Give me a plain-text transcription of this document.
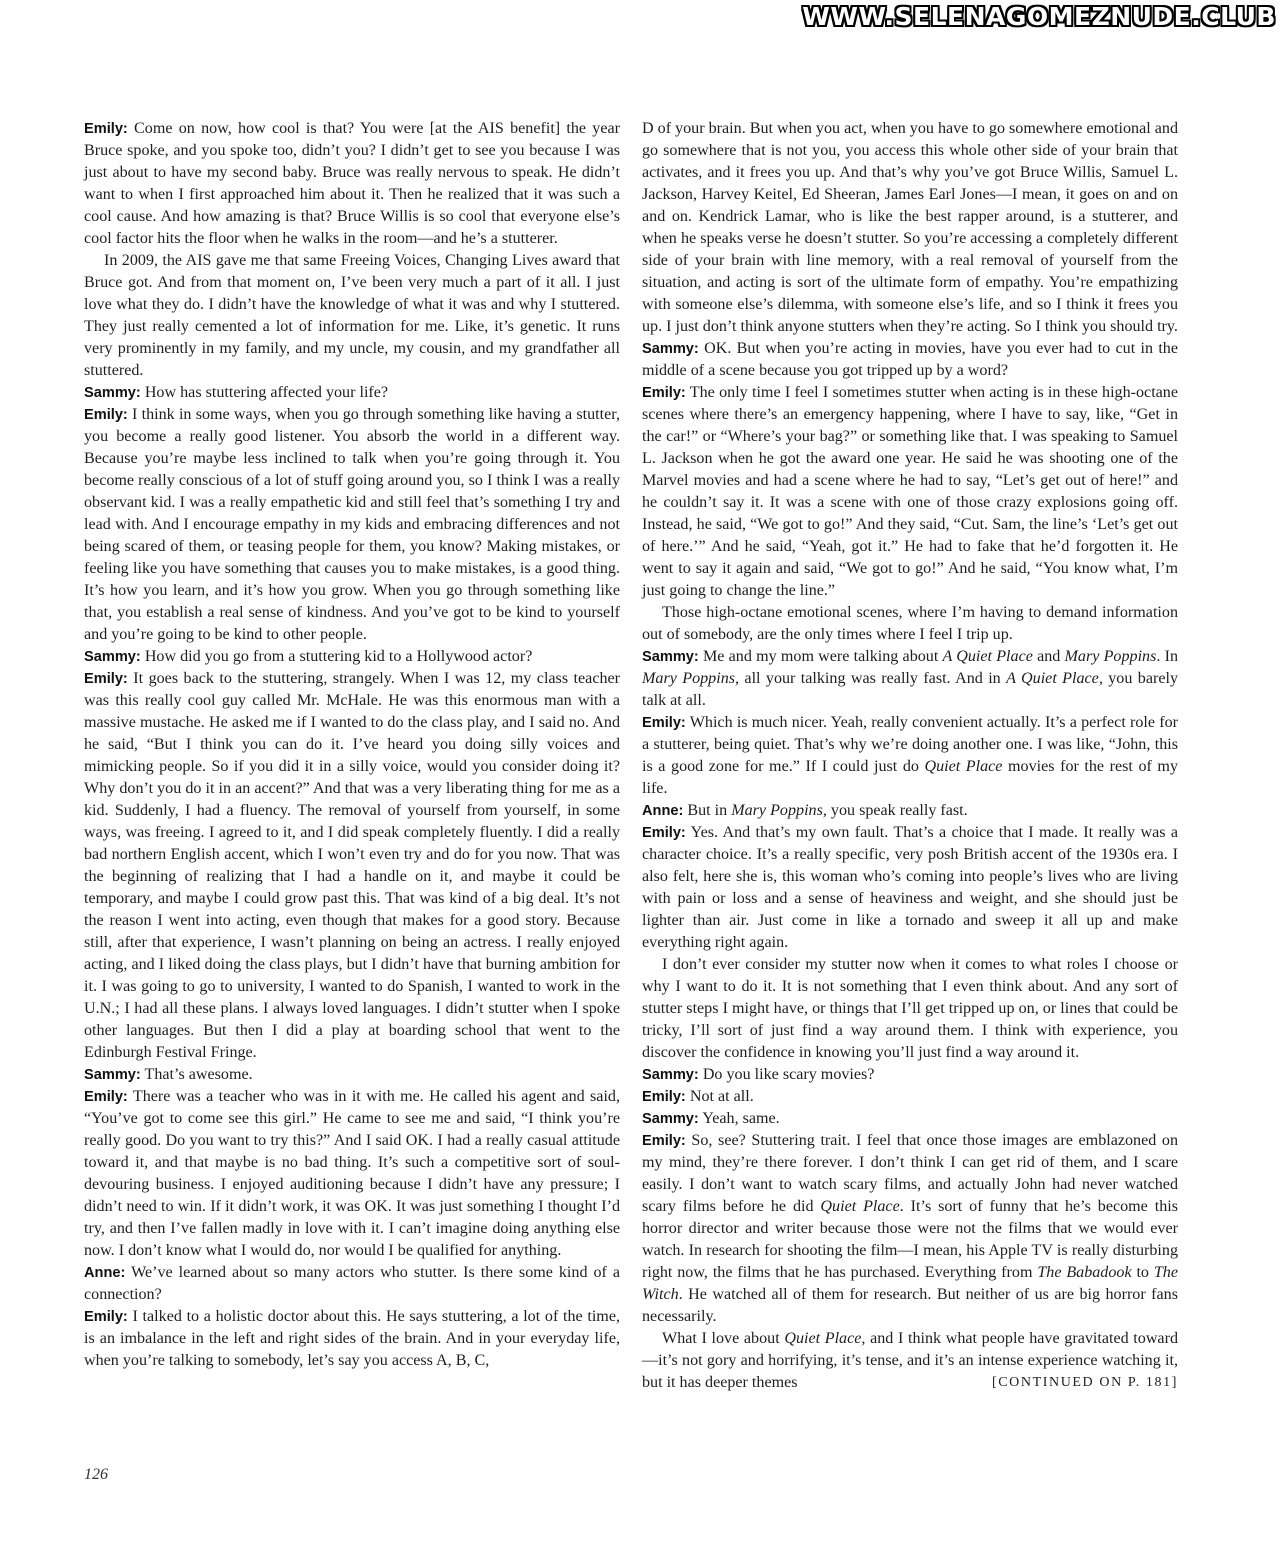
WWW.SELENAGOMEZNUDE.CLUB

Emily: Come on now, how cool is that? You were [at the AIS benefit] the year Bruce spoke, and you spoke too, didn’t you? I didn’t get to see you because I was just about to have my second baby. Bruce was really nervous to speak. He didn’t want to when I first approached him about it. Then he realized that it was such a cool cause. And how amazing is that? Bruce Willis is so cool that everyone else’s cool factor hits the floor when he walks in the room—and he’s a stutterer.

In 2009, the AIS gave me that same Freeing Voices, Changing Lives award that Bruce got. And from that moment on, I’ve been very much a part of it all. I just love what they do. I didn’t have the knowledge of what it was and why I stuttered. They just really cemented a lot of information for me. Like, it’s genetic. It runs very prominently in my family, and my uncle, my cousin, and my grandfather all stuttered.

Sammy: How has stuttering affected your life?

Emily: I think in some ways, when you go through something like having a stutter, you become a really good listener. You absorb the world in a different way. Because you’re maybe less inclined to talk when you’re going through it. You become really conscious of a lot of stuff going around you, so I think I was a really observant kid. I was a really empathetic kid and still feel that’s something I try and lead with. And I encourage empathy in my kids and embracing differences and not being scared of them, or teasing people for them, you know? Making mistakes, or feeling like you have something that causes you to make mistakes, is a good thing. It’s how you learn, and it’s how you grow. When you go through something like that, you establish a real sense of kindness. And you’ve got to be kind to yourself and you’re going to be kind to other people.

Sammy: How did you go from a stuttering kid to a Hollywood actor?

Emily: It goes back to the stuttering, strangely. When I was 12, my class teacher was this really cool guy called Mr. McHale. He was this enormous man with a massive mustache. He asked me if I wanted to do the class play, and I said no. And he said, “But I think you can do it. I’ve heard you doing silly voices and mimicking people. So if you did it in a silly voice, would you consider doing it? Why don’t you do it in an accent?” And that was a very liberating thing for me as a kid. Suddenly, I had a fluency. The removal of yourself from yourself, in some ways, was freeing. I agreed to it, and I did speak completely fluently. I did a really bad northern English accent, which I won’t even try and do for you now. That was the beginning of realizing that I had a handle on it, and maybe it could be temporary, and maybe I could grow past this. That was kind of a big deal. It’s not the reason I went into acting, even though that makes for a good story. Because still, after that experience, I wasn’t planning on being an actress. I really enjoyed acting, and I liked doing the class plays, but I didn’t have that burning ambition for it. I was going to go to university, I wanted to do Spanish, I wanted to work in the U.N.; I had all these plans. I always loved languages. I didn’t stutter when I spoke other languages. But then I did a play at boarding school that went to the Edinburgh Festival Fringe.

Sammy: That’s awesome.

Emily: There was a teacher who was in it with me. He called his agent and said, “You’ve got to come see this girl.” He came to see me and said, “I think you’re really good. Do you want to try this?” And I said OK. I had a really casual attitude toward it, and that maybe is no bad thing. It’s such a competitive sort of soul-devouring business. I enjoyed auditioning because I didn’t have any pressure; I didn’t need to win. If it didn’t work, it was OK. It was just something I thought I’d try, and then I’ve fallen madly in love with it. I can’t imagine doing anything else now. I don’t know what I would do, nor would I be qualified for anything.

Anne: We’ve learned about so many actors who stutter. Is there some kind of a connection?

Emily: I talked to a holistic doctor about this. He says stuttering, a lot of the time, is an imbalance in the left and right sides of the brain. And in your everyday life, when you’re talking to somebody, let’s say you access A, B, C,

D of your brain. But when you act, when you have to go somewhere emotional and go somewhere that is not you, you access this whole other side of your brain that activates, and it frees you up. And that’s why you’ve got Bruce Willis, Samuel L. Jackson, Harvey Keitel, Ed Sheeran, James Earl Jones—I mean, it goes on and on and on. Kendrick Lamar, who is like the best rapper around, is a stutterer, and when he speaks verse he doesn’t stutter. So you’re accessing a completely different side of your brain with line memory, with a real removal of yourself from the situation, and acting is sort of the ultimate form of empathy. You’re empathizing with someone else’s dilemma, with someone else’s life, and so I think it frees you up. I just don’t think anyone stutters when they’re acting. So I think you should try.

Sammy: OK. But when you’re acting in movies, have you ever had to cut in the middle of a scene because you got tripped up by a word?

Emily: The only time I feel I sometimes stutter when acting is in these high-octane scenes where there’s an emergency happening, where I have to say, like, “Get in the car!” or “Where’s your bag?” or something like that. I was speaking to Samuel L. Jackson when he got the award one year. He said he was shooting one of the Marvel movies and had a scene where he had to say, “Let’s get out of here!” and he couldn’t say it. It was a scene with one of those crazy explosions going off. Instead, he said, “We got to go!” And they said, “Cut. Sam, the line’s ‘Let’s get out of here.’” And he said, “Yeah, got it.” He had to fake that he’d forgotten it. He went to say it again and said, “We got to go!” And he said, “You know what, I’m just going to change the line.”

Those high-octane emotional scenes, where I’m having to demand information out of somebody, are the only times where I feel I trip up.

Sammy: Me and my mom were talking about A Quiet Place and Mary Poppins. In Mary Poppins, all your talking was really fast. And in A Quiet Place, you barely talk at all.

Emily: Which is much nicer. Yeah, really convenient actually. It’s a perfect role for a stutterer, being quiet. That’s why we’re doing another one. I was like, “John, this is a good zone for me.” If I could just do Quiet Place movies for the rest of my life.

Anne: But in Mary Poppins, you speak really fast.

Emily: Yes. And that’s my own fault. That’s a choice that I made. It really was a character choice. It’s a really specific, very posh British accent of the 1930s era. I also felt, here she is, this woman who’s coming into people’s lives who are living with pain or loss and a sense of heaviness and weight, and she should just be lighter than air. Just come in like a tornado and sweep it all up and make everything right again.

I don’t ever consider my stutter now when it comes to what roles I choose or why I want to do it. It is not something that I even think about. And any sort of stutter steps I might have, or things that I’ll get tripped up on, or lines that could be tricky, I’ll sort of just find a way around them. I think with experience, you discover the confidence in knowing you’ll just find a way around it.

Sammy: Do you like scary movies?

Emily: Not at all.

Sammy: Yeah, same.

Emily: So, see? Stuttering trait. I feel that once those images are emblazoned on my mind, they’re there forever. I don’t think I can get rid of them, and I scare easily. I don’t want to watch scary films, and actually John had never watched scary films before he did Quiet Place. It’s sort of funny that he’s become this horror director and writer because those were not the films that we would ever watch. In research for shooting the film—I mean, his Apple TV is really disturbing right now, the films that he has purchased. Everything from The Babadook to The Witch. He watched all of them for research. But neither of us are big horror fans necessarily.

What I love about Quiet Place, and I think what people have gravitated toward—it’s not gory and horrifying, it’s tense, and it’s an intense experience watching it, but it has deeper themes	[CONTINUED ON P. 181]

126
